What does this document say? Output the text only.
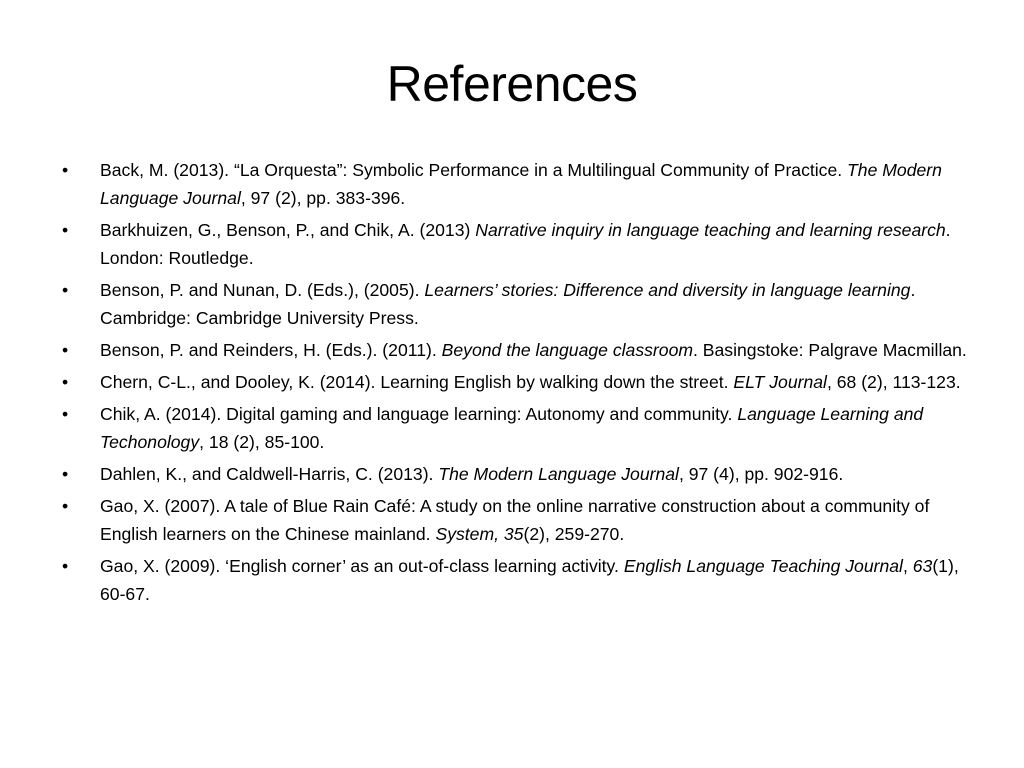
References
•	Back, M. (2013). “La Orquesta”: Symbolic Performance in a Multilingual Community of Practice. The Modern Language Journal, 97 (2), pp. 383-396.
•	Barkhuizen, G., Benson, P., and Chik, A. (2013) Narrative inquiry in language teaching and learning research. London: Routledge.
•	Benson, P. and Nunan, D. (Eds.), (2005). Learners’ stories: Difference and diversity in language learning. Cambridge: Cambridge University Press.
•	Benson, P. and Reinders, H. (Eds.). (2011). Beyond the language classroom. Basingstoke: Palgrave Macmillan.
•	Chern, C-L., and Dooley, K. (2014). Learning English by walking down the street. ELT Journal, 68 (2), 113-123.
•	Chik, A. (2014). Digital gaming and language learning: Autonomy and community. Language Learning and Techonology, 18 (2), 85-100.
•	Dahlen, K., and Caldwell-Harris, C. (2013). The Modern Language Journal, 97 (4), pp. 902-916.
•	Gao, X. (2007). A tale of Blue Rain Café: A study on the online narrative construction about a community of English learners on the Chinese mainland. System, 35(2), 259-270.
•	Gao, X. (2009). ‘English corner’ as an out-of-class learning activity. English Language Teaching Journal, 63(1), 60-67.
